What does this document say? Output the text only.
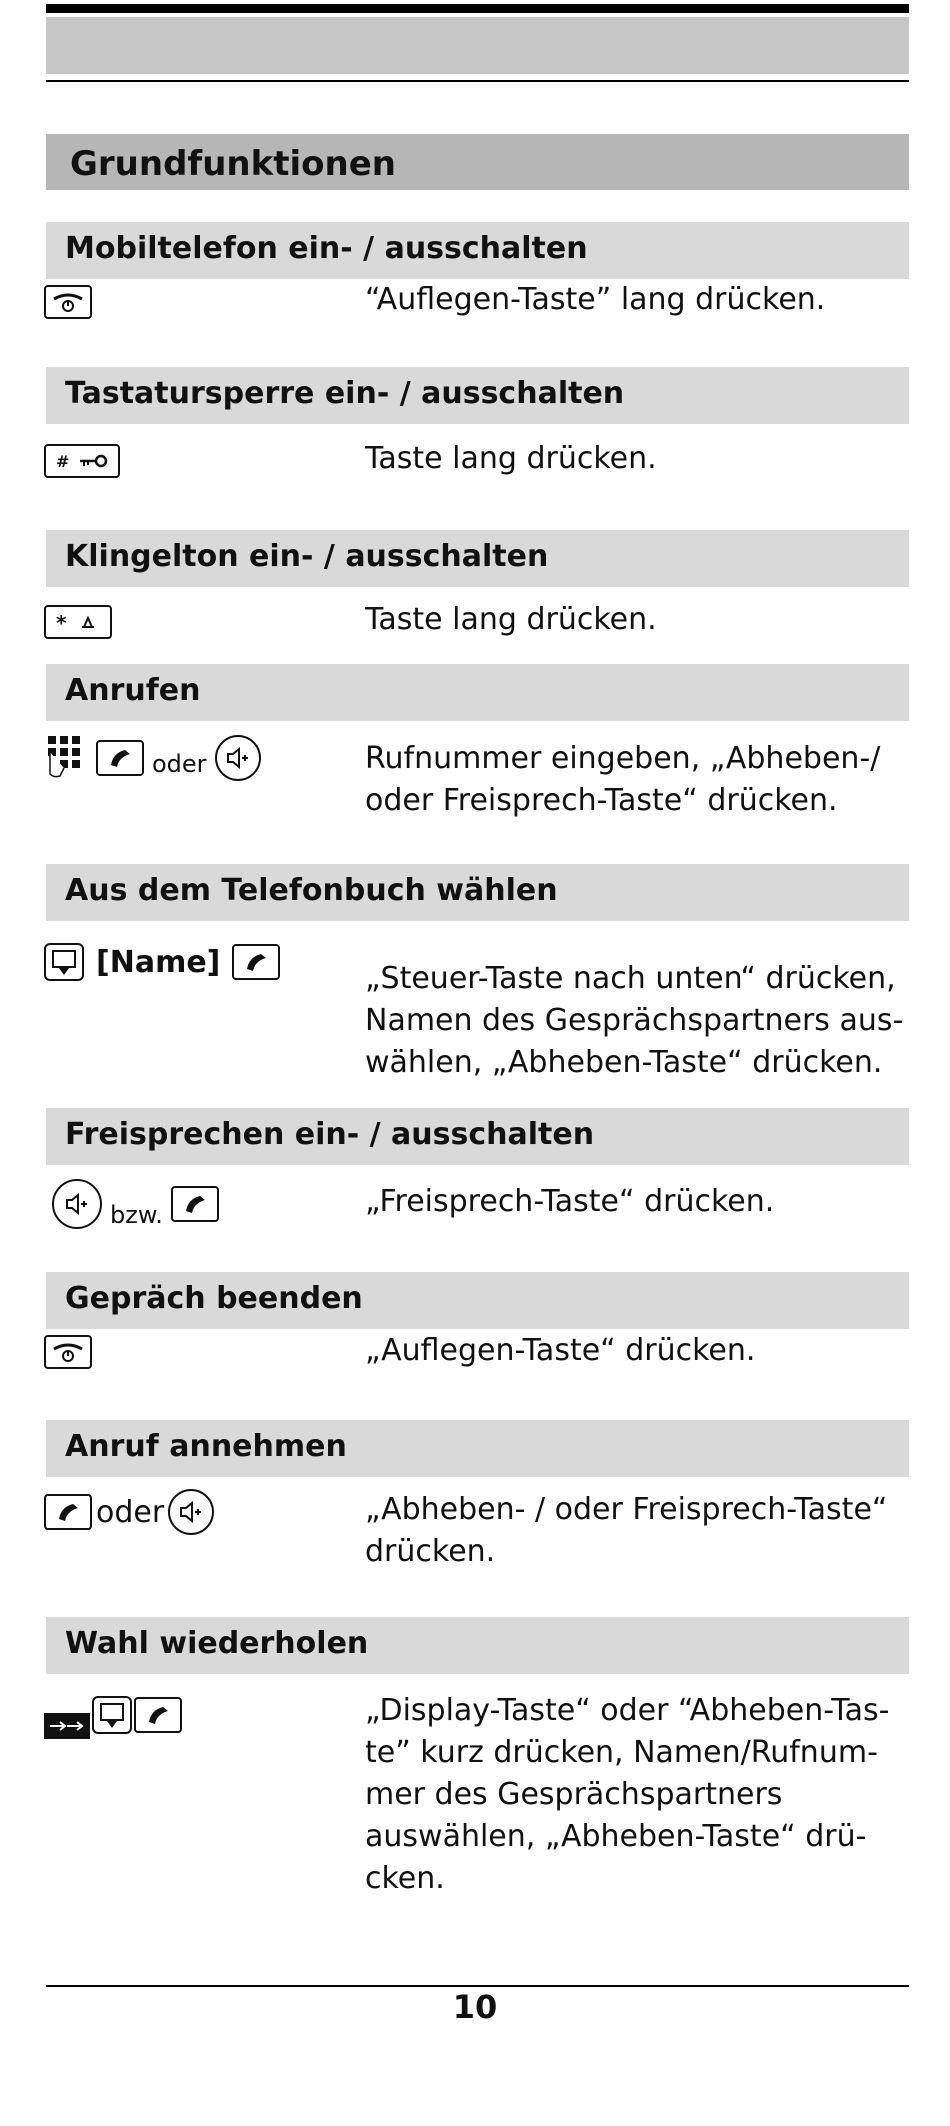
Grundfunktionen
Mobiltelefon ein- / ausschalten
“Auflegen-Taste” lang drücken.
Tastatursperre ein- / ausschalten
#	Taste lang drücken.
Klingelton ein- / ausschalten
*	Taste lang drücken.
Anrufen
oder	Rufnummer eingeben, „Abheben-/ oder Freisprech-Taste“ drücken.
Aus dem Telefonbuch wählen
[Name]	„Steuer-Taste nach unten“ drücken, Namen des Gesprächspartners auswählen, „Abheben-Taste“ drücken.
Freisprechen ein- / ausschalten
bzw.	„Freisprech-Taste“ drücken.
Gepräch beenden
„Auflegen-Taste“ drücken.
Anruf annehmen
oder	„Abheben- / oder Freisprech-Taste“ drücken.
Wahl wiederholen
„Display-Taste“ oder “Abheben-Taste” kurz drücken, Namen/Rufnummer des Gesprächspartners auswählen, „Abheben-Taste“ drücken.
10
